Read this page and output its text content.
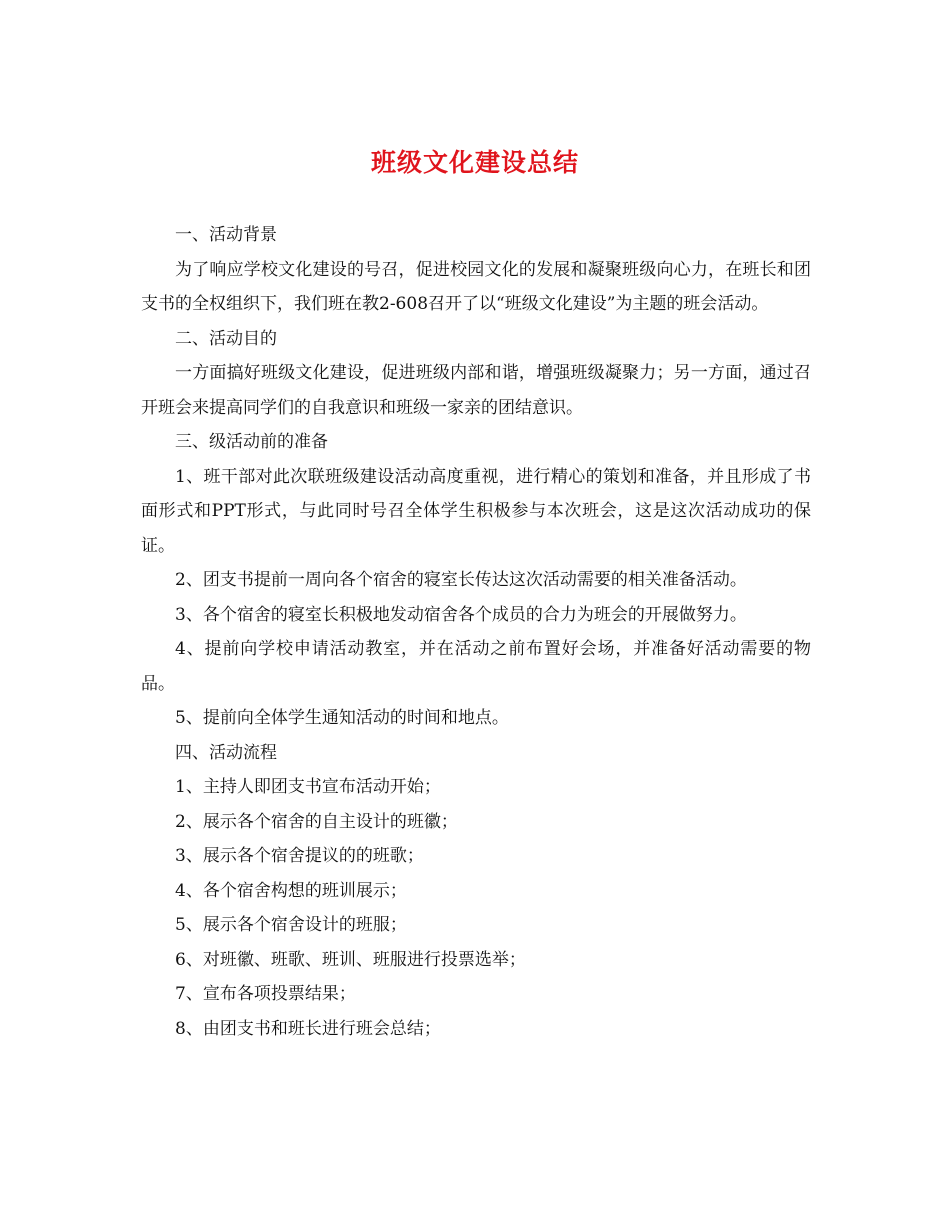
班级文化建设总结

一、活动背景

为了响应学校文化建设的号召，促进校园文化的发展和凝聚班级向心力，在班长和团支书的全权组织下，我们班在教2-608召开了以“班级文化建设”为主题的班会活动。

二、活动目的

一方面搞好班级文化建设，促进班级内部和谐，增强班级凝聚力；另一方面，通过召开班会来提高同学们的自我意识和班级一家亲的团结意识。

三、级活动前的准备

1、班干部对此次联班级建设活动高度重视，进行精心的策划和准备，并且形成了书面形式和PPT形式，与此同时号召全体学生积极参与本次班会，这是这次活动成功的保证。

2、团支书提前一周向各个宿舍的寝室长传达这次活动需要的相关准备活动。

3、各个宿舍的寝室长积极地发动宿舍各个成员的合力为班会的开展做努力。

4、提前向学校申请活动教室，并在活动之前布置好会场，并准备好活动需要的物品。

5、提前向全体学生通知活动的时间和地点。

四、活动流程

1、主持人即团支书宣布活动开始；

2、展示各个宿舍的自主设计的班徽；

3、展示各个宿舍提议的的班歌；

4、各个宿舍构想的班训展示；

5、展示各个宿舍设计的班服；

6、对班徽、班歌、班训、班服进行投票选举；

7、宣布各项投票结果；

8、由团支书和班长进行班会总结；
